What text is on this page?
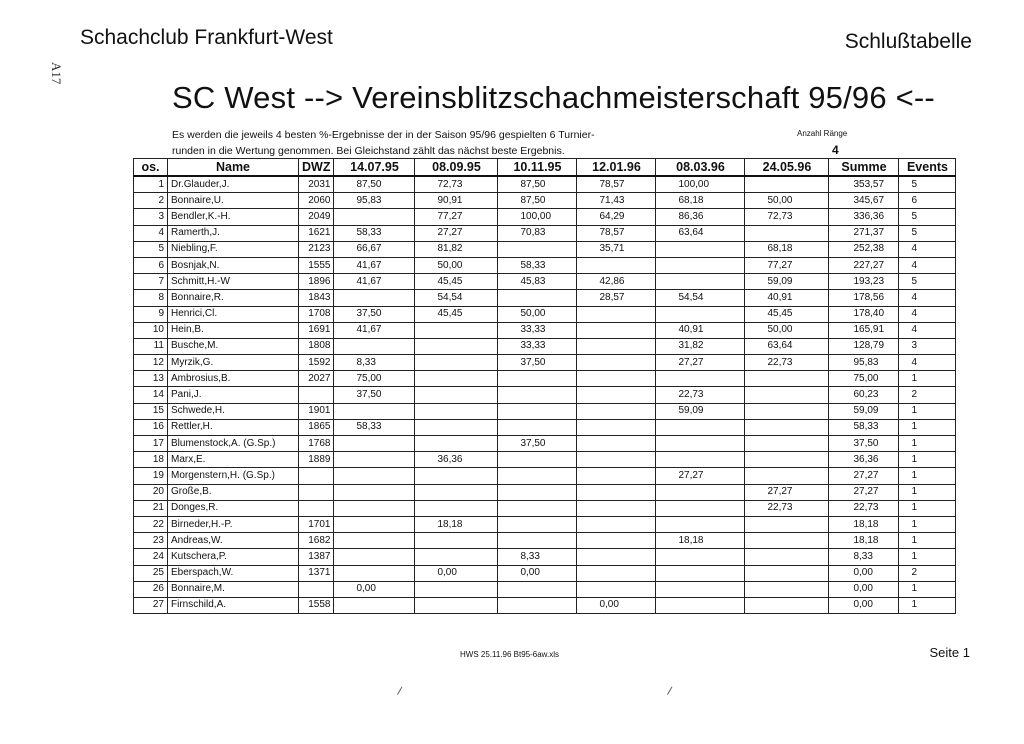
Schachclub Frankfurt-West	Schlußtabelle
A17
SC West --> Vereinsblitzschachmeisterschaft 95/96 <--
Es werden die jeweils 4 besten %-Ergebnisse der in der Saison 95/96 gespielten 6 Turnier-
runden in die Wertung genommen. Bei Gleichstand zählt das nächst beste Ergebnis.
Anzahl Ränge
4
os.	Name	DWZ	14.07.95	08.09.95	10.11.95	12.01.96	08.03.96	24.05.96	Summe	Events
1	Dr.Glauder,J.	2031	87,50	72,73	87,50	78,57	100,00		353,57	5
2	Bonnaire,U.	2060	95,83	90,91	87,50	71,43	68,18	50,00	345,67	6
3	Bendler,K.-H.	2049		77,27	100,00	64,29	86,36	72,73	336,36	5
4	Ramerth,J.	1621	58,33	27,27	70,83	78,57	63,64		271,37	5
5	Niebling,F.	2123	66,67	81,82		35,71		68,18	252,38	4
6	Bosnjak,N.	1555	41,67	50,00	58,33			77,27	227,27	4
7	Schmitt,H.-W	1896	41,67	45,45	45,83	42,86		59,09	193,23	5
8	Bonnaire,R.	1843		54,54		28,57	54,54	40,91	178,56	4
9	Henrici,Cl.	1708	37,50	45,45	50,00			45,45	178,40	4
10	Hein,B.	1691	41,67		33,33		40,91	50,00	165,91	4
11	Busche,M.	1808			33,33		31,82	63,64	128,79	3
12	Myrzik,G.	1592	8,33		37,50		27,27	22,73	95,83	4
13	Ambrosius,B.	2027	75,00						75,00	1
14	Pani,J.		37,50				22,73		60,23	2
15	Schwede,H.	1901					59,09		59,09	1
16	Rettler,H.	1865	58,33						58,33	1
17	Blumenstock,A. (G.Sp.)	1768			37,50				37,50	1
18	Marx,E.	1889		36,36					36,36	1
19	Morgenstern,H. (G.Sp.)						27,27		27,27	1
20	Große,B.							27,27	27,27	1
21	Donges,R.							22,73	22,73	1
22	Birneder,H.-P.	1701		18,18					18,18	1
23	Andreas,W.	1682					18,18		18,18	1
24	Kutschera,P.	1387			8,33				8,33	1
25	Eberspach,W.	1371		0,00	0,00				0,00	2
26	Bonnaire,M.		0,00						0,00	1
27	Firnschild,A.	1558				0,00			0,00	1
HWS 25.11.96 Bt95-6aw.xls	Seite 1
/	/
